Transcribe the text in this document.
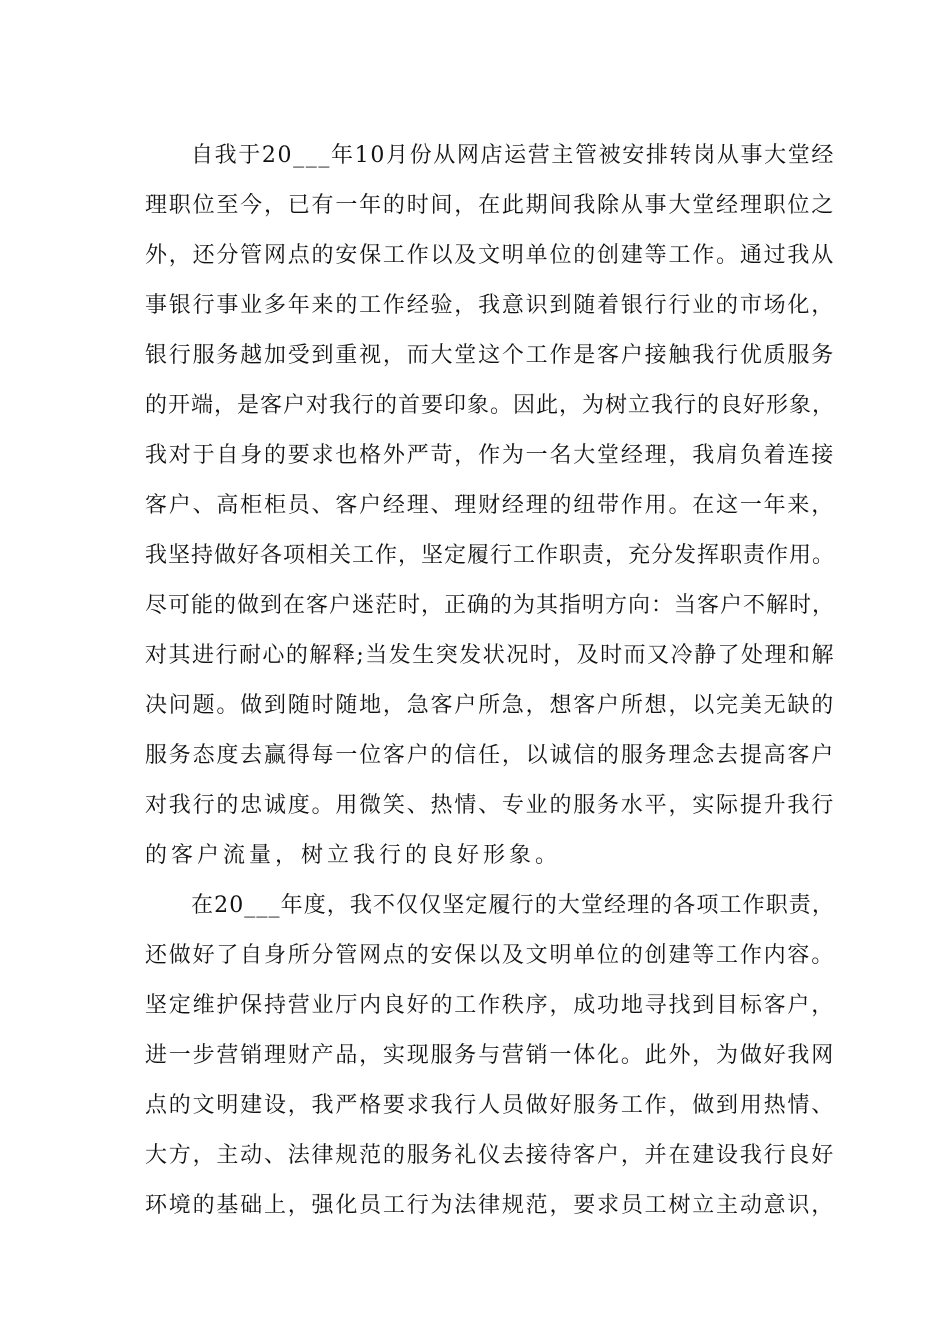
自我于20___年10月份从网店运营主管被安排转岗从事大堂经
理职位至今，已有一年的时间，在此期间我除从事大堂经理职位之
外，还分管网点的安保工作以及文明单位的创建等工作。通过我从
事银行事业多年来的工作经验，我意识到随着银行行业的市场化，
银行服务越加受到重视，而大堂这个工作是客户接触我行优质服务
的开端，是客户对我行的首要印象。因此，为树立我行的良好形象，
我对于自身的要求也格外严苛，作为一名大堂经理，我肩负着连接
客户、高柜柜员、客户经理、理财经理的纽带作用。在这一年来，
我坚持做好各项相关工作，坚定履行工作职责，充分发挥职责作用。
尽可能的做到在客户迷茫时，正确的为其指明方向：当客户不解时，
对其进行耐心的解释;当发生突发状况时，及时而又冷静了处理和解
决问题。做到随时随地，急客户所急，想客户所想，以完美无缺的
服务态度去赢得每一位客户的信任，以诚信的服务理念去提高客户
对我行的忠诚度。用微笑、热情、专业的服务水平，实际提升我行
的客户流量，树立我行的良好形象。
在20___年度，我不仅仅坚定履行的大堂经理的各项工作职责，
还做好了自身所分管网点的安保以及文明单位的创建等工作内容。
坚定维护保持营业厅内良好的工作秩序，成功地寻找到目标客户，
进一步营销理财产品，实现服务与营销一体化。此外，为做好我网
点的文明建设，我严格要求我行人员做好服务工作，做到用热情、
大方，主动、法律规范的服务礼仪去接待客户，并在建设我行良好
环境的基础上，强化员工行为法律规范，要求员工树立主动意识，
